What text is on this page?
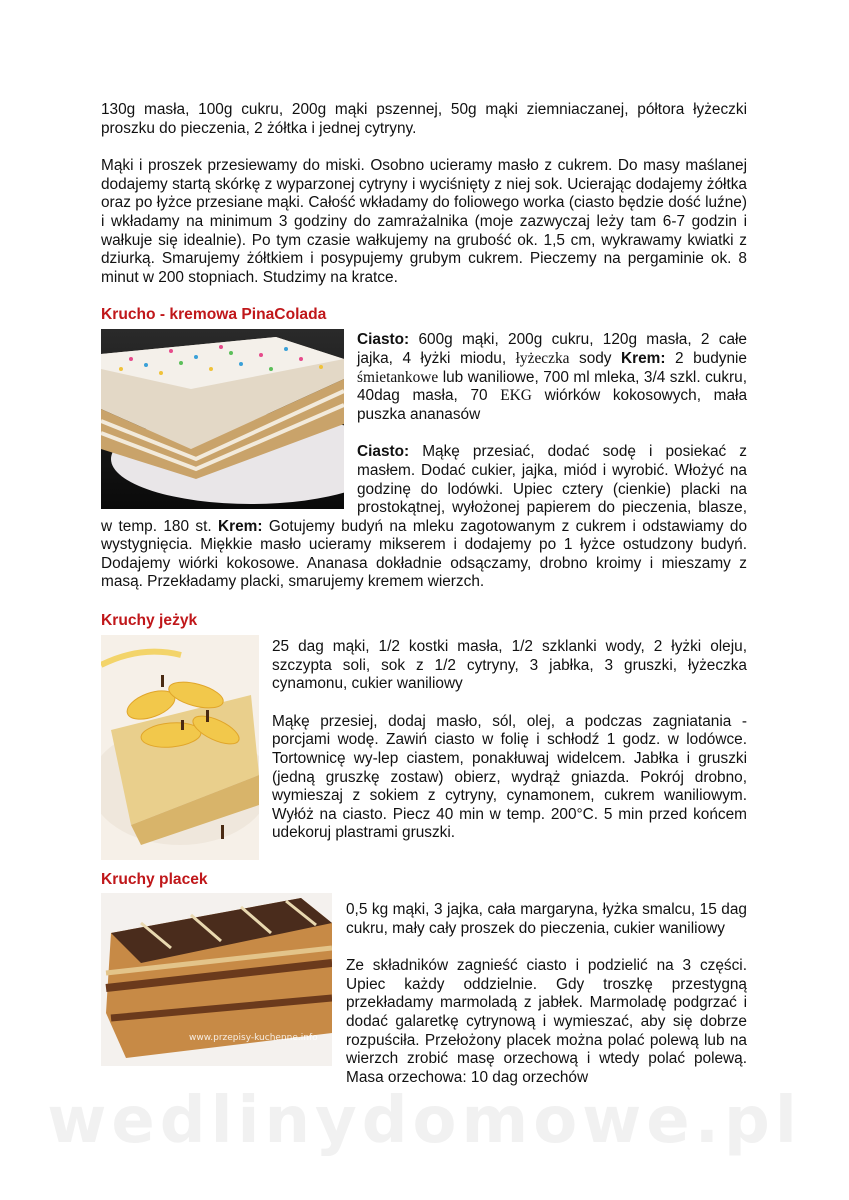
130g masła, 100g cukru, 200g mąki pszennej, 50g mąki ziemniaczanej, półtora łyżeczki proszku do pieczenia, 2 żółtka i jednej cytryny.

Mąki i proszek przesiewamy do miski. Osobno ucieramy masło z cukrem. Do masy maślanej dodajemy startą skórkę z wyparzonej cytryny i wyciśnięty z niej sok. Ucierając dodajemy żółtka oraz po łyżce przesiane mąki. Całość wkładamy do foliowego worka (ciasto będzie dość luźne) i wkładamy na minimum 3 godziny do zamrażalnika (moje zazwyczaj leży tam 6-7 godzin i wałkuje się idealnie). Po tym czasie wałkujemy na grubość ok. 1,5 cm, wykrawamy kwiatki z dziurką. Smarujemy żółtkiem i posypujemy grubym cukrem. Pieczemy na pergaminie ok. 8 minut w 200 stopniach. Studzimy na kratce.

Krucho - kremowa PinaColada

Ciasto: 600g mąki, 200g cukru, 120g masła, 2 całe jajka, 4 łyżki miodu, łyżeczka sody Krem: 2 budynie śmietankowe lub waniliowe, 700 ml mleka, 3/4 szkl. cukru, 40dag masła, 70 EKG wiórków kokosowych, mała puszka ananasów

Ciasto: Mąkę przesiać, dodać sodę i posiekać z masłem. Dodać cukier, jajka, miód i wyrobić. Włożyć na godzinę do lodówki. Upiec cztery (cienkie) placki na prostokątnej, wyłożonej papierem do pieczenia, blasze, w temp. 180 st. Krem: Gotujemy budyń na mleku zagotowanym z cukrem i odstawiamy do wystygnięcia. Miękkie masło ucieramy mikserem i dodajemy po 1 łyżce ostudzony budyń. Dodajemy wiórki kokosowe. Ananasa dokładnie odsączamy, drobno kroimy i mieszamy z masą. Przekładamy placki, smarujemy kremem wierzch.

Kruchy jeżyk

25 dag mąki, 1/2 kostki masła, 1/2 szklanki wody, 2 łyżki oleju, szczypta soli, sok z 1/2 cytryny, 3 jabłka, 3 gruszki, łyżeczka cynamonu, cukier waniliowy

Mąkę przesiej, dodaj masło, sól, olej, a podczas zagniatania - porcjami wodę. Zawiń ciasto w folię i schłodź 1 godz. w lodówce. Tortownicę wy-lep ciastem, ponakłuwaj widelcem. Jabłka i gruszki (jedną gruszkę zostaw) obierz, wydrąż gniazda. Pokrój drobno, wymieszaj z sokiem z cytryny, cynamonem, cukrem waniliowym. Wyłóż na ciasto. Piecz 40 min w temp. 200°C. 5 min przed końcem udekoruj plastrami gruszki.

Kruchy placek
www.przepisy-kuchenne.info

0,5 kg mąki, 3 jajka, cała margaryna, łyżka smalcu, 15 dag cukru, mały cały proszek do pieczenia, cukier waniliowy

Ze składników zagnieść ciasto i podzielić na 3 części. Upiec każdy oddzielnie. Gdy troszkę przestygną przekładamy marmoladą z jabłek. Marmoladę podgrzać i dodać galaretkę cytrynową i wymieszać, aby się dobrze rozpuściła. Przełożony placek można polać polewą lub na wierzch zrobić masę orzechową i wtedy polać polewą. Masa orzechowa: 10 dag orzechów

wedlinydomowe.pl
